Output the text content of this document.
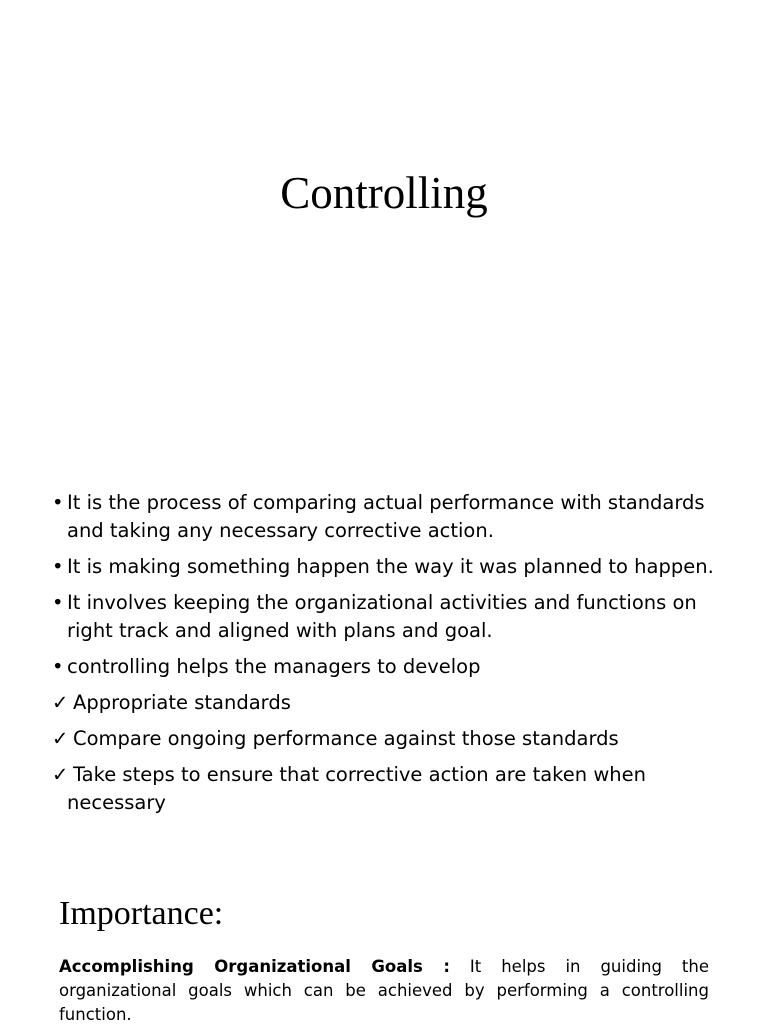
Controlling
• It is the process of comparing actual performance with standards and taking any necessary corrective action.
• It is making something happen the way it was planned to happen.
• It involves keeping the organizational activities and functions on right track and aligned with plans and goal.
• controlling helps the managers to develop
✓ Appropriate standards
✓ Compare ongoing performance against those standards
✓ Take steps to ensure that corrective action are taken when necessary
Importance:

Accomplishing Organizational Goals : It helps in guiding the organizational goals which can be achieved by performing a controlling function.
